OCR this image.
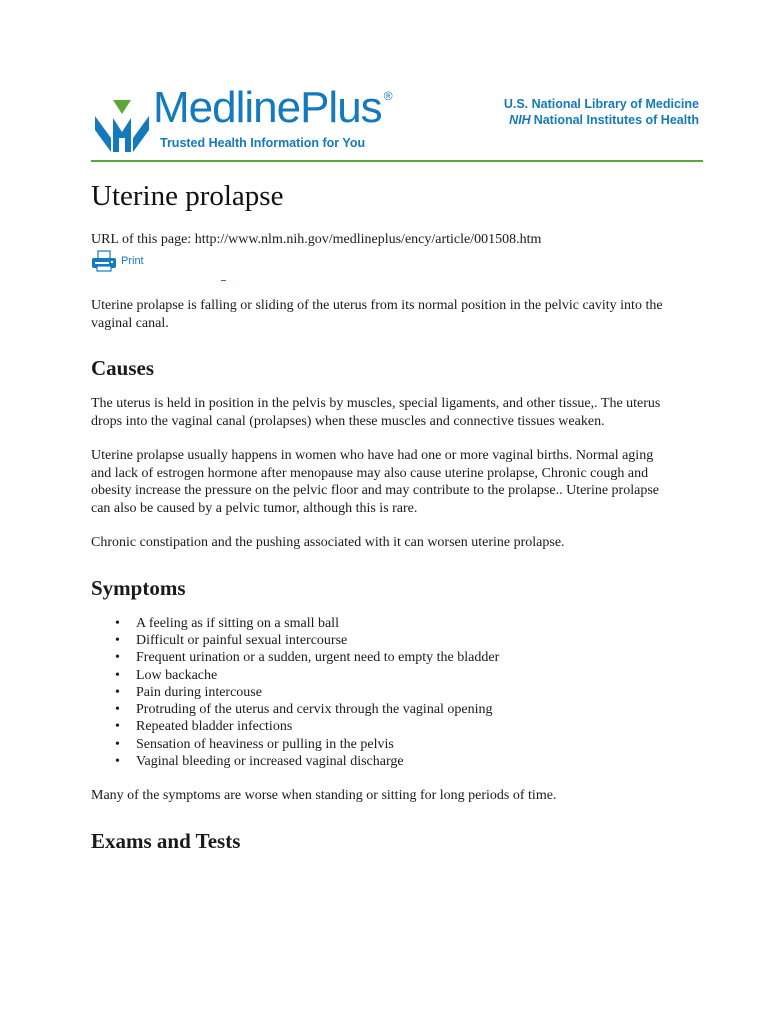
MedlinePlus ®
Trusted Health Information for You
U.S. National Library of Medicine
NIH National Institutes of Health
Uterine prolapse
URL of this page: http://www.nlm.nih.gov/medlineplus/ency/article/001508.htm
Print

Uterine prolapse is falling or sliding of the uterus from its normal position in the pelvic cavity into the vaginal canal.

Causes

The uterus is held in position in the pelvis by muscles, special ligaments, and other tissue,. The uterus drops into the vaginal canal (prolapses) when these muscles and connective tissues weaken.

Uterine prolapse usually happens in women who have had one or more vaginal births. Normal aging and lack of estrogen hormone after menopause may also cause uterine prolapse, Chronic cough and obesity increase the pressure on the pelvic floor and may contribute to the prolapse.. Uterine prolapse can also be caused by a pelvic tumor, although this is rare.

Chronic constipation and the pushing associated with it can worsen uterine prolapse.

Symptoms
• A feeling as if sitting on a small ball
• Difficult or painful sexual intercourse
• Frequent urination or a sudden, urgent need to empty the bladder
• Low backache
• Pain during intercouse
• Protruding of the uterus and cervix through the vaginal opening
• Repeated bladder infections
• Sensation of heaviness or pulling in the pelvis
• Vaginal bleeding or increased vaginal discharge

Many of the symptoms are worse when standing or sitting for long periods of time.

Exams and Tests
